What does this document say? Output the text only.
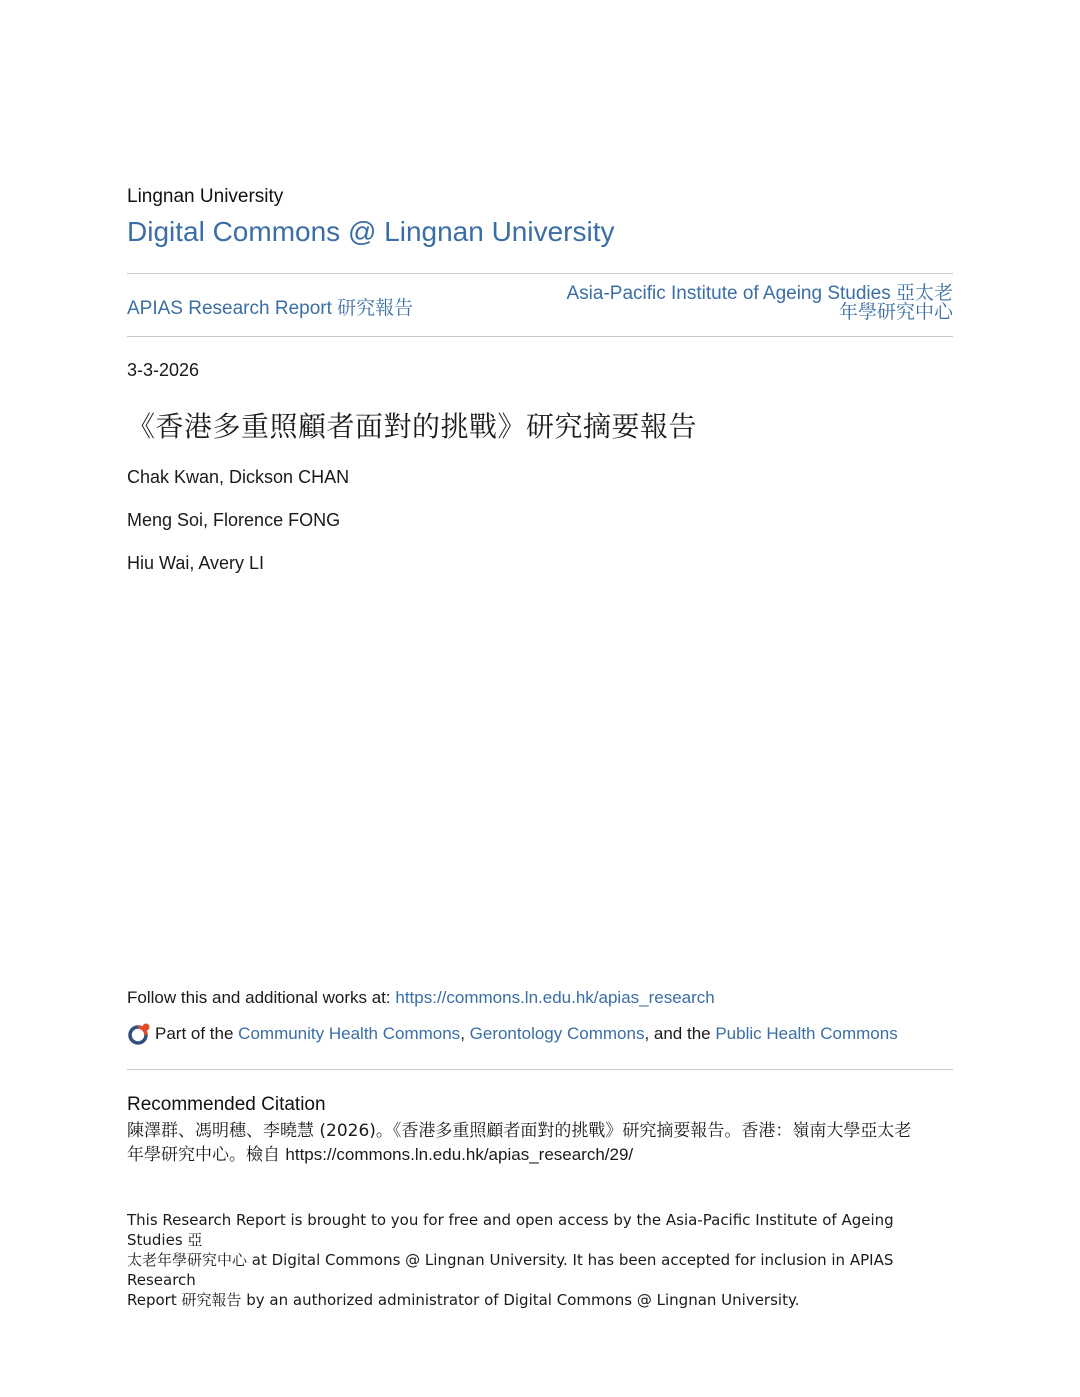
Lingnan University
Digital Commons @ Lingnan University
APIAS Research Report 研究報告
Asia-Pacific Institute of Ageing Studies 亞太老
年學研究中心
3-3-2026
《香港多重照顧者面對的挑戰》研究摘要報告
Chak Kwan, Dickson CHAN
Meng Soi, Florence FONG
Hiu Wai, Avery LI
Follow this and additional works at: https://commons.ln.edu.hk/apias_research
Part of the Community Health Commons, Gerontology Commons, and the Public Health Commons
Recommended Citation
陳澤群、馮明穗、李曉慧 (2026)。《香港多重照顧者面對的挑戰》研究摘要報告。香港：嶺南大學亞太老
年學研究中心。檢自 https://commons.ln.edu.hk/apias_research/29/
This Research Report is brought to you for free and open access by the Asia-Pacific Institute of Ageing Studies 亞
太老年學研究中心 at Digital Commons @ Lingnan University. It has been accepted for inclusion in APIAS Research
Report 研究報告 by an authorized administrator of Digital Commons @ Lingnan University.
